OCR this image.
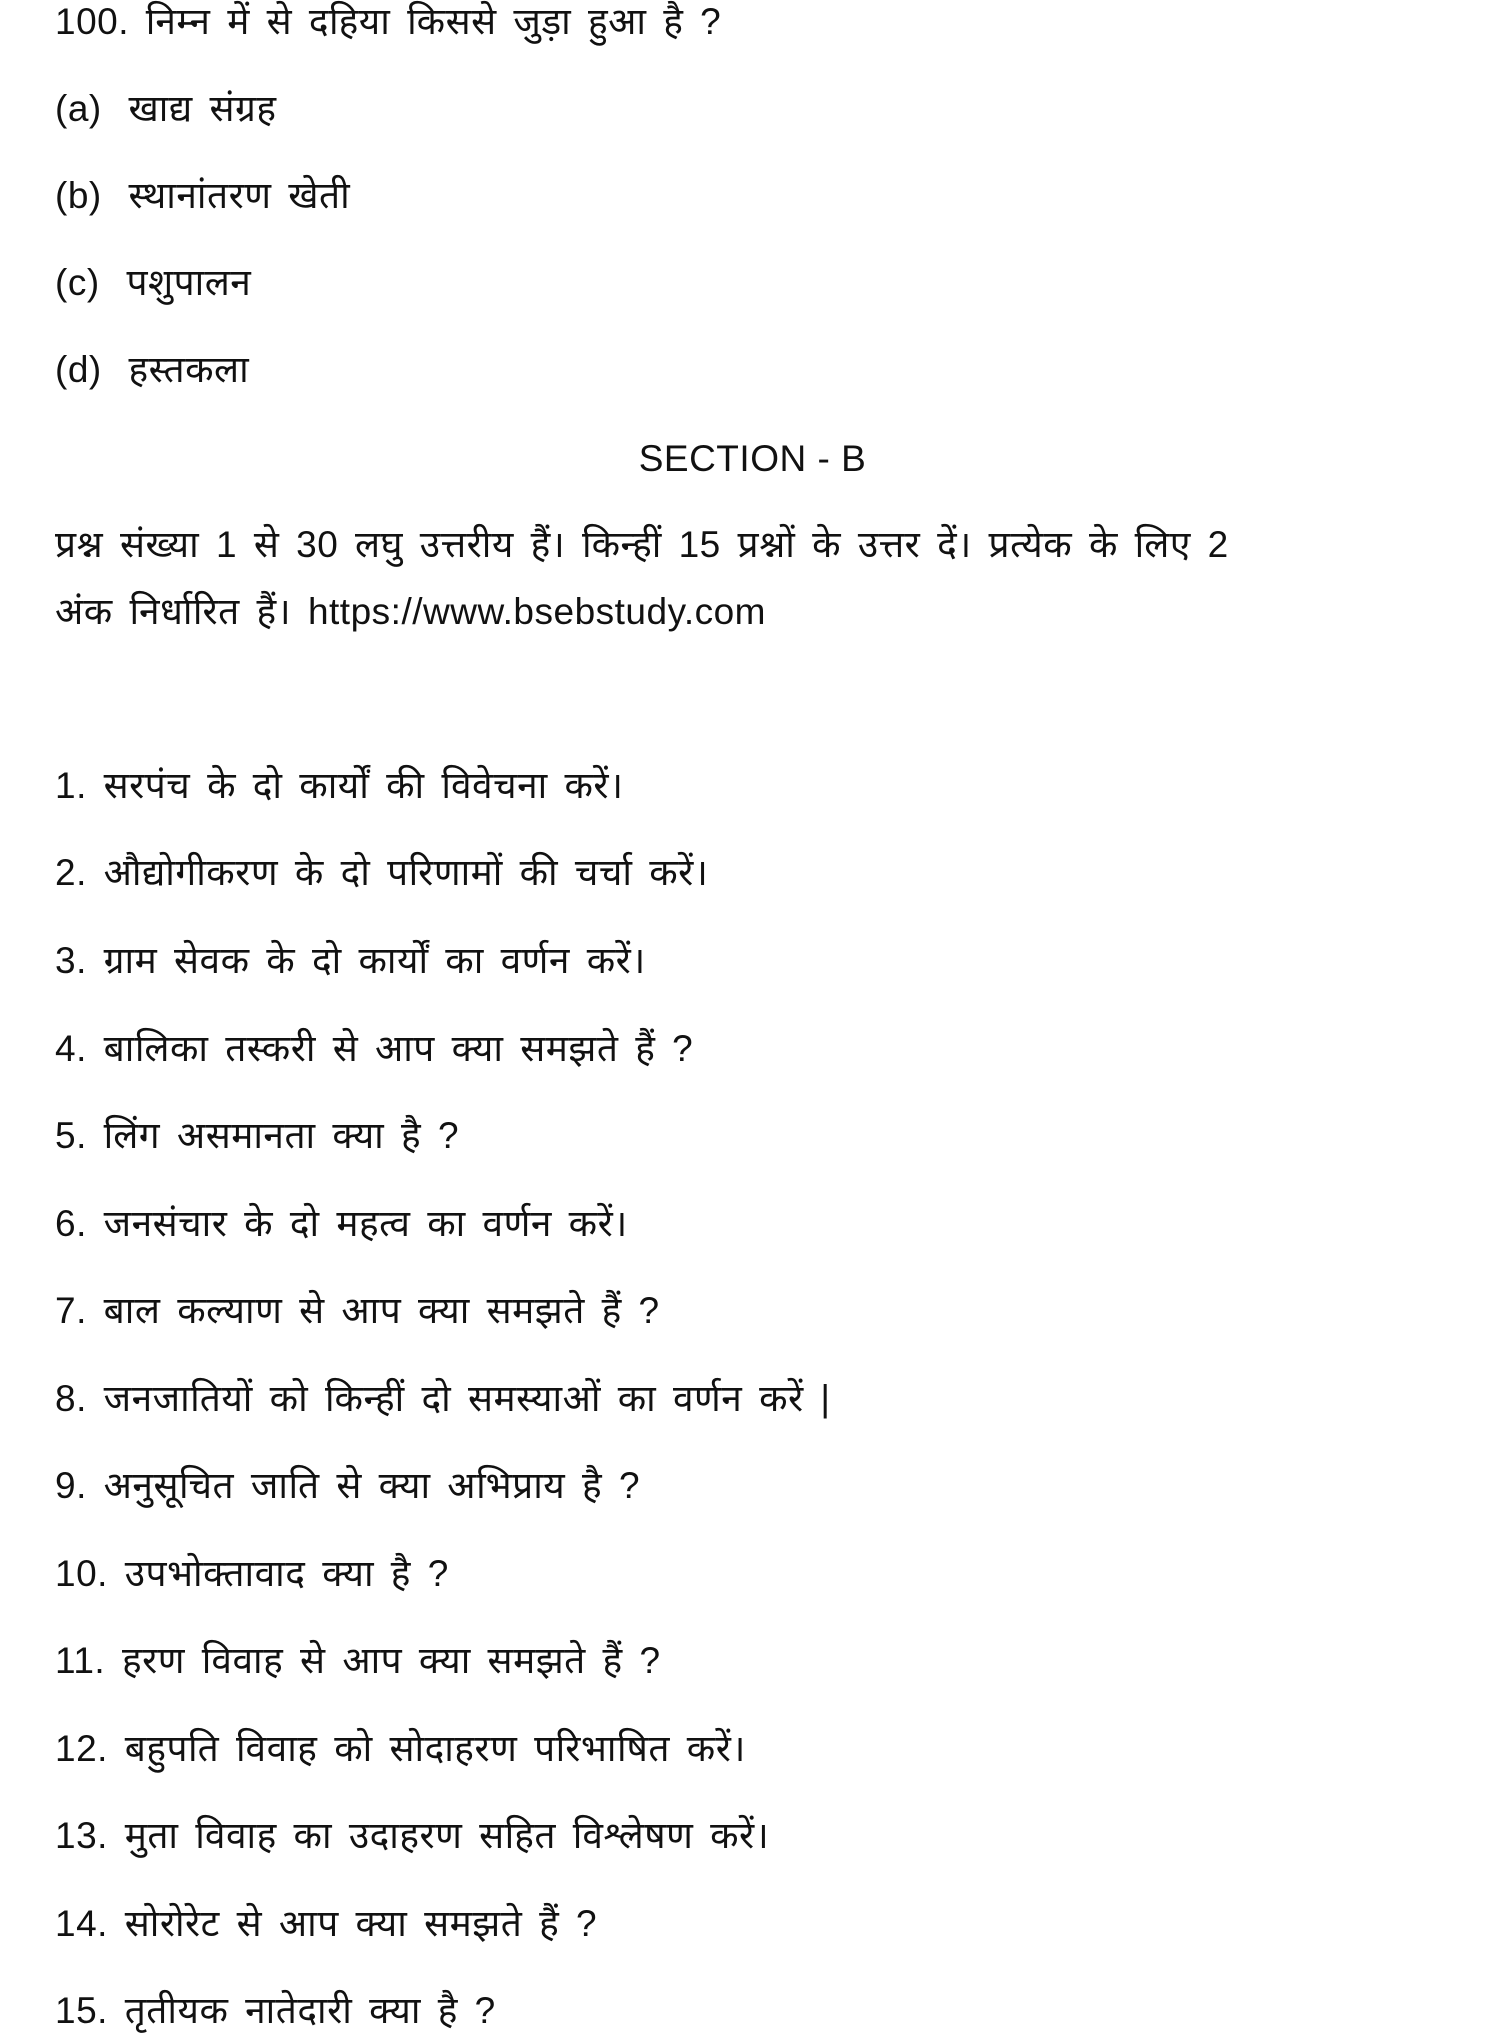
100. निम्न में से दहिया किससे जुड़ा हुआ है ?
(a) खाद्य संग्रह
(b) स्थानांतरण खेती
(c) पशुपालन
(d) हस्तकला
SECTION - B
प्रश्न संख्या 1 से 30 लघु उत्तरीय हैं। किन्हीं 15 प्रश्नों के उत्तर दें। प्रत्येक के लिए 2
अंक निर्धारित हैं। https://www.bsebstudy.com
1. सरपंच के दो कार्यों की विवेचना करें।
2. औद्योगीकरण के दो परिणामों की चर्चा करें।
3. ग्राम सेवक के दो कार्यों का वर्णन करें।
4. बालिका तस्करी से आप क्या समझते हैं ?
5. लिंग असमानता क्या है ?
6. जनसंचार के दो महत्व का वर्णन करें।
7. बाल कल्याण से आप क्या समझते हैं ?
8. जनजातियों को किन्हीं दो समस्याओं का वर्णन करें |
9. अनुसूचित जाति से क्या अभिप्राय है ?
10. उपभोक्तावाद क्या है ?
11. हरण विवाह से आप क्या समझते हैं ?
12. बहुपति विवाह को सोदाहरण परिभाषित करें।
13. मुता विवाह का उदाहरण सहित विश्लेषण करें।
14. सोरोरेट से आप क्या समझते हैं ?
15. तृतीयक नातेदारी क्या है ?
